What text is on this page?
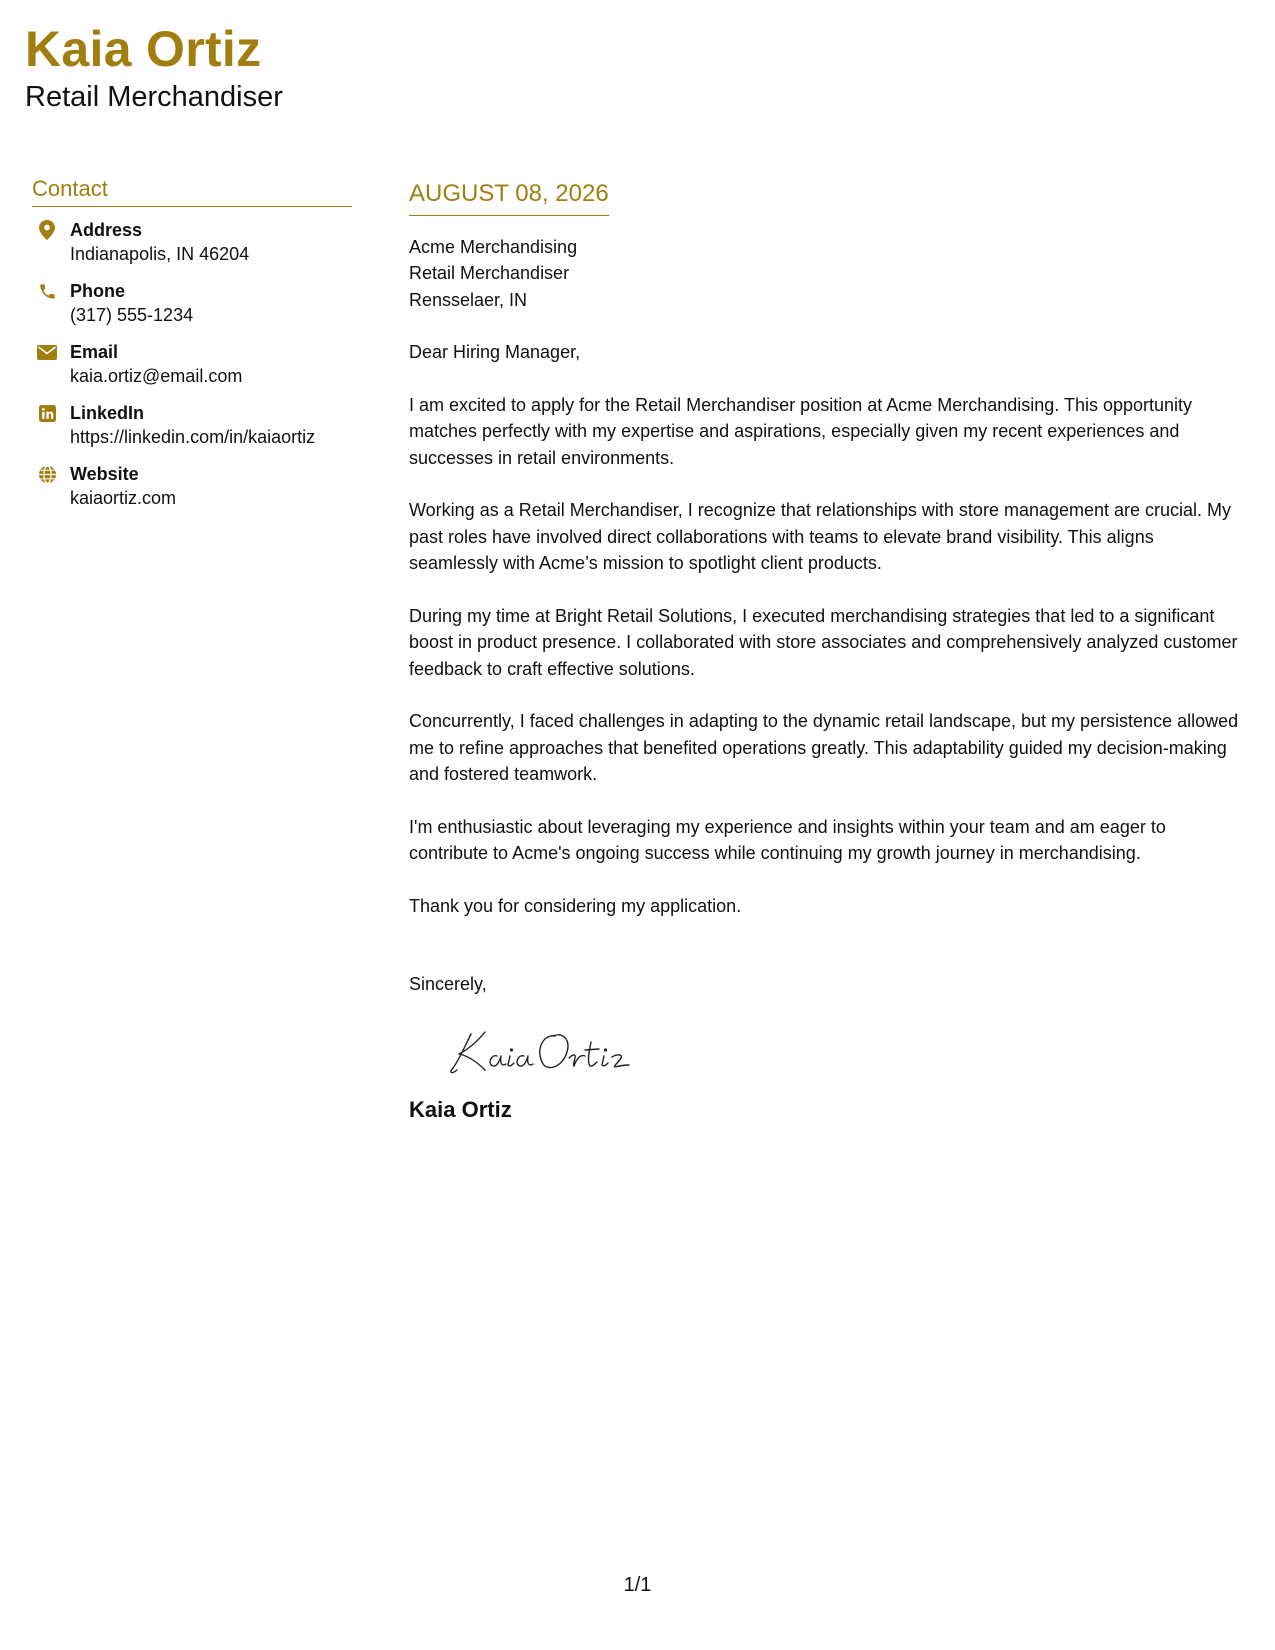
Kaia Ortiz
Retail Merchandiser
Contact
Address
Indianapolis, IN 46204
Phone
(317) 555-1234
Email
kaia.ortiz@email.com
LinkedIn
https://linkedin.com/in/kaiaortiz
Website
kaiaortiz.com
AUGUST 08, 2026
Acme Merchandising
Retail Merchandiser
Rensselaer, IN
Dear Hiring Manager,
I am excited to apply for the Retail Merchandiser position at Acme Merchandising. This opportunity matches perfectly with my expertise and aspirations, especially given my recent experiences and successes in retail environments.
Working as a Retail Merchandiser, I recognize that relationships with store management are crucial. My past roles have involved direct collaborations with teams to elevate brand visibility. This aligns seamlessly with Acme’s mission to spotlight client products.
During my time at Bright Retail Solutions, I executed merchandising strategies that led to a significant boost in product presence. I collaborated with store associates and comprehensively analyzed customer feedback to craft effective solutions.
Concurrently, I faced challenges in adapting to the dynamic retail landscape, but my persistence allowed me to refine approaches that benefited operations greatly. This adaptability guided my decision-making and fostered teamwork.
I'm enthusiastic about leveraging my experience and insights within your team and am eager to contribute to Acme's ongoing success while continuing my growth journey in merchandising.
Thank you for considering my application.
Sincerely,
Kaia Ortiz
1/1
